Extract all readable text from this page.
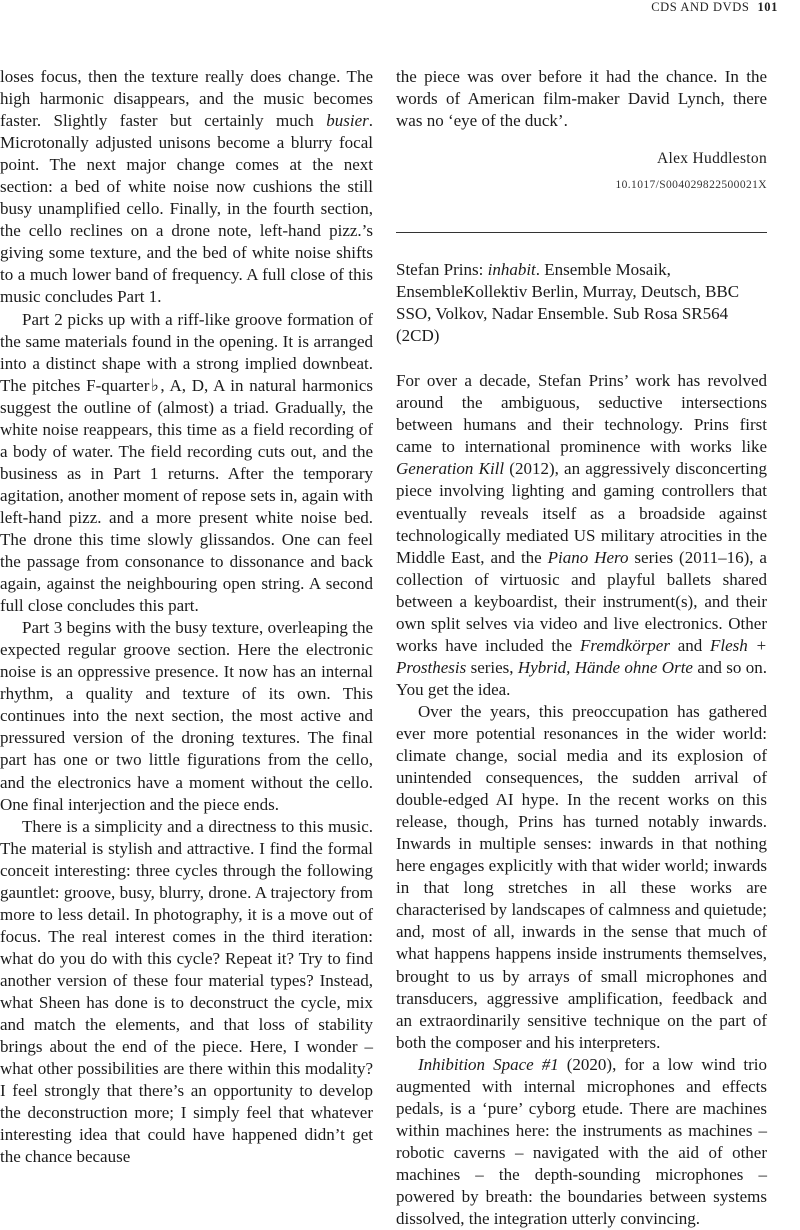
CDS AND DVDS 101

loses focus, then the texture really does change. The high harmonic disappears, and the music becomes faster. Slightly faster but certainly much busier. Microtonally adjusted unisons become a blurry focal point. The next major change comes at the next section: a bed of white noise now cushions the still busy unamplified cello. Finally, in the fourth section, the cello reclines on a drone note, left-hand pizz.’s giving some texture, and the bed of white noise shifts to a much lower band of frequency. A full close of this music concludes Part 1.

Part 2 picks up with a riff-like groove formation of the same materials found in the opening. It is arranged into a distinct shape with a strong implied downbeat. The pitches F-quarter♭, A, D, A in natural harmonics suggest the outline of (almost) a triad. Gradually, the white noise reappears, this time as a field recording of a body of water. The field recording cuts out, and the business as in Part 1 returns. After the temporary agitation, another moment of repose sets in, again with left-hand pizz. and a more present white noise bed. The drone this time slowly glissandos. One can feel the passage from consonance to dissonance and back again, against the neighbouring open string. A second full close concludes this part.

Part 3 begins with the busy texture, overleaping the expected regular groove section. Here the electronic noise is an oppressive presence. It now has an internal rhythm, a quality and texture of its own. This continues into the next section, the most active and pressured version of the droning textures. The final part has one or two little figurations from the cello, and the electronics have a moment without the cello. One final interjection and the piece ends.

There is a simplicity and a directness to this music. The material is stylish and attractive. I find the formal conceit interesting: three cycles through the following gauntlet: groove, busy, blurry, drone. A trajectory from more to less detail. In photography, it is a move out of focus. The real interest comes in the third iteration: what do you do with this cycle? Repeat it? Try to find another version of these four material types? Instead, what Sheen has done is to deconstruct the cycle, mix and match the elements, and that loss of stability brings about the end of the piece. Here, I wonder – what other possibilities are there within this modality? I feel strongly that there’s an opportunity to develop the deconstruction more; I simply feel that whatever interesting idea that could have happened didn’t get the chance because

the piece was over before it had the chance. In the words of American film-maker David Lynch, there was no ‘eye of the duck’.

Alex Huddleston
10.1017/S004029822500021X
Stefan Prins: inhabit. Ensemble Mosaik, EnsembleKollektiv Berlin, Murray, Deutsch, BBC SSO, Volkov, Nadar Ensemble. Sub Rosa SR564 (2CD)

For over a decade, Stefan Prins’ work has revolved around the ambiguous, seductive intersections between humans and their technology. Prins first came to international prominence with works like Generation Kill (2012), an aggressively disconcerting piece involving lighting and gaming controllers that eventually reveals itself as a broadside against technologically mediated US military atrocities in the Middle East, and the Piano Hero series (2011–16), a collection of virtuosic and playful ballets shared between a keyboardist, their instrument(s), and their own split selves via video and live electronics. Other works have included the Fremdkörper and Flesh + Prosthesis series, Hybrid, Hände ohne Orte and so on. You get the idea.

Over the years, this preoccupation has gathered ever more potential resonances in the wider world: climate change, social media and its explosion of unintended consequences, the sudden arrival of double-edged AI hype. In the recent works on this release, though, Prins has turned notably inwards. Inwards in multiple senses: inwards in that nothing here engages explicitly with that wider world; inwards in that long stretches in all these works are characterised by landscapes of calmness and quietude; and, most of all, inwards in the sense that much of what happens happens inside instruments themselves, brought to us by arrays of small microphones and transducers, aggressive amplification, feedback and an extraordinarily sensitive technique on the part of both the composer and his interpreters.

Inhibition Space #1 (2020), for a low wind trio augmented with internal microphones and effects pedals, is a ‘pure’ cyborg etude. There are machines within machines here: the instruments as machines – robotic caverns – navigated with the aid of other machines – the depth-sounding microphones – powered by breath: the boundaries between systems dissolved, the integration utterly convincing.
